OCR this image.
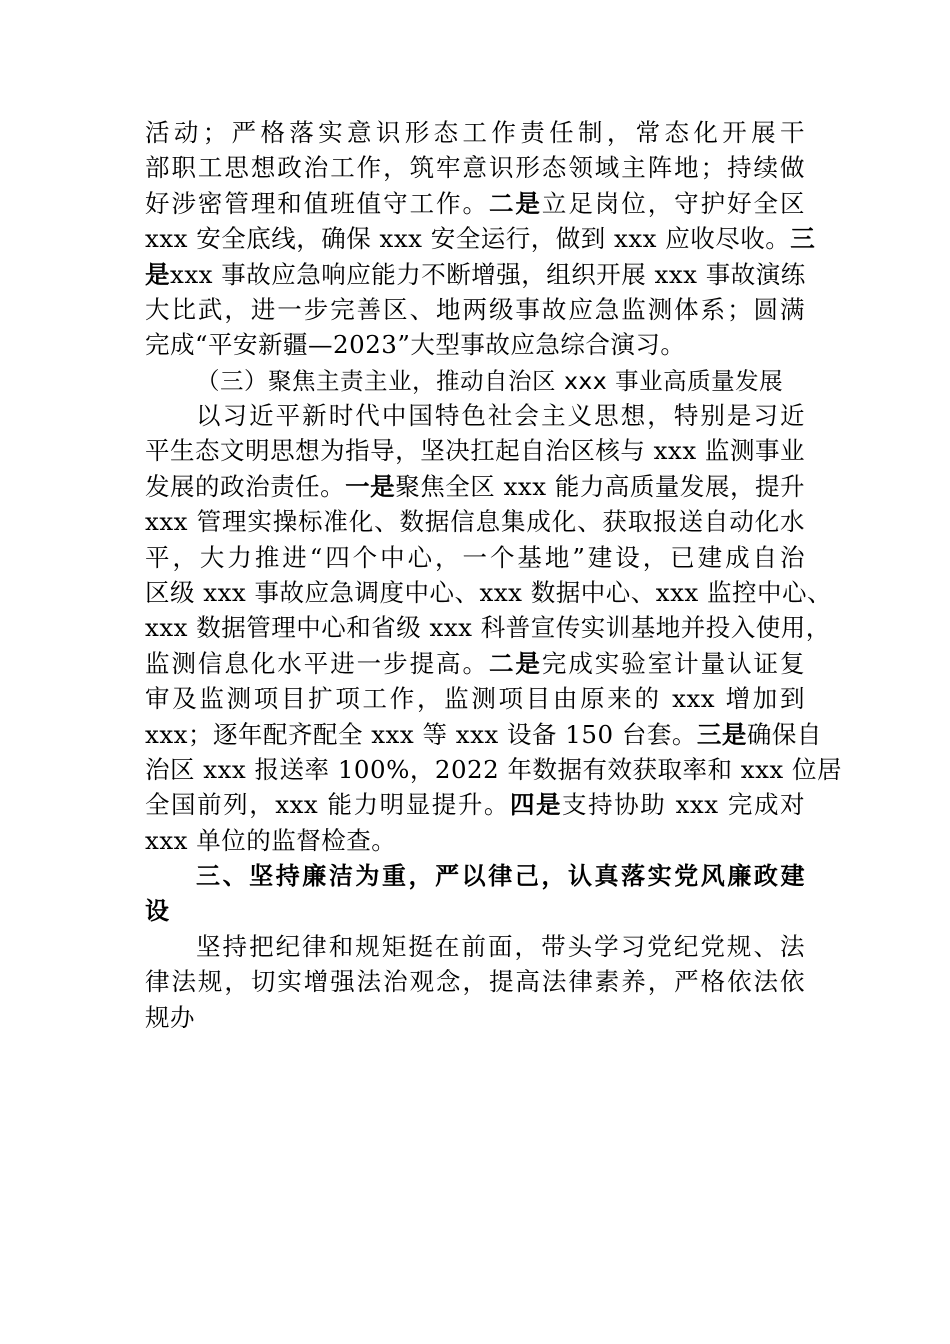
活动；严格落实意识形态工作责任制，常态化开展干
部职工思想政治工作，筑牢意识形态领域主阵地；持续做
好涉密管理和值班值守工作。二是立足岗位，守护好全区
xxx 安全底线，确保 xxx 安全运行，做到 xxx 应收尽收。三
是xxx 事故应急响应能力不断增强，组织开展 xxx 事故演练
大比武，进一步完善区、地两级事故应急监测体系；圆满
完成“平安新疆—2023”大型事故应急综合演习。
（三）聚焦主责主业，推动自治区 xxx 事业高质量发展
以习近平新时代中国特色社会主义思想，特别是习近
平生态文明思想为指导，坚决扛起自治区核与 xxx 监测事业
发展的政治责任。一是聚焦全区 xxx 能力高质量发展，提升
xxx 管理实操标准化、数据信息集成化、获取报送自动化水
平，大力推进“四个中心，一个基地”建设，已建成自治
区级 xxx 事故应急调度中心、xxx 数据中心、xxx 监控中心、
xxx 数据管理中心和省级 xxx 科普宣传实训基地并投入使用，
监测信息化水平进一步提高。二是完成实验室计量认证复
审及监测项目扩项工作，监测项目由原来的 xxx 增加到
xxx；逐年配齐配全 xxx 等 xxx 设备 150 台套。三是确保自
治区 xxx 报送率 100%，2022 年数据有效获取率和 xxx 位居
全国前列，xxx 能力明显提升。四是支持协助 xxx 完成对
xxx 单位的监督检查。
三、坚持廉洁为重，严以律己，认真落实党风廉政建
设
坚持把纪律和规矩挺在前面，带头学习党纪党规、法
律法规，切实增强法治观念，提高法律素养，严格依法依
规办
